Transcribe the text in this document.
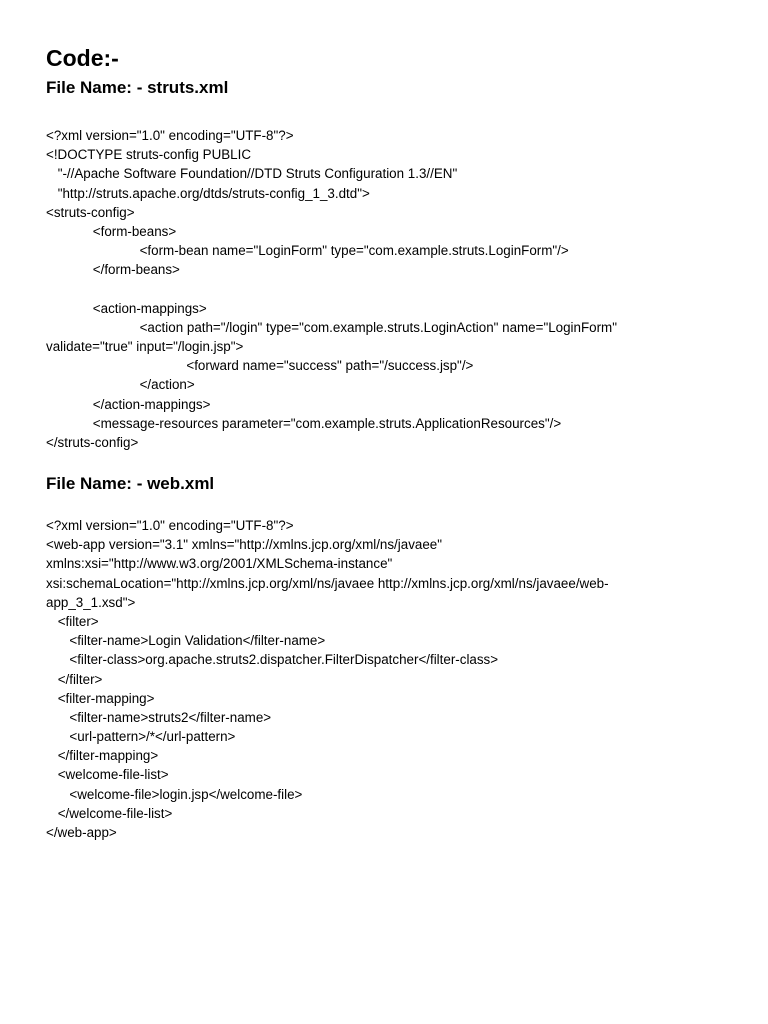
Code:-
File Name: - struts.xml
<?xml version="1.0" encoding="UTF-8"?>
<!DOCTYPE struts-config PUBLIC
"-//Apache Software Foundation//DTD Struts Configuration 1.3//EN"
"http://struts.apache.org/dtds/struts-config_1_3.dtd">
<struts-config>
<form-beans>
<form-bean name="LoginForm" type="com.example.struts.LoginForm"/>
</form-beans>
<action-mappings>
<action path="/login" type="com.example.struts.LoginAction" name="LoginForm"
validate="true" input="/login.jsp">
<forward name="success" path="/success.jsp"/>
</action>
</action-mappings>
<message-resources parameter="com.example.struts.ApplicationResources"/>
</struts-config>
File Name: - web.xml
<?xml version="1.0" encoding="UTF-8"?>
<web-app version="3.1" xmlns="http://xmlns.jcp.org/xml/ns/javaee"
xmlns:xsi="http://www.w3.org/2001/XMLSchema-instance"
xsi:schemaLocation="http://xmlns.jcp.org/xml/ns/javaee http://xmlns.jcp.org/xml/ns/javaee/web-
app_3_1.xsd">
<filter>
<filter-name>Login Validation</filter-name>
<filter-class>org.apache.struts2.dispatcher.FilterDispatcher</filter-class>
</filter>
<filter-mapping>
<filter-name>struts2</filter-name>
<url-pattern>/*</url-pattern>
</filter-mapping>
<welcome-file-list>
<welcome-file>login.jsp</welcome-file>
</welcome-file-list>
</web-app>
